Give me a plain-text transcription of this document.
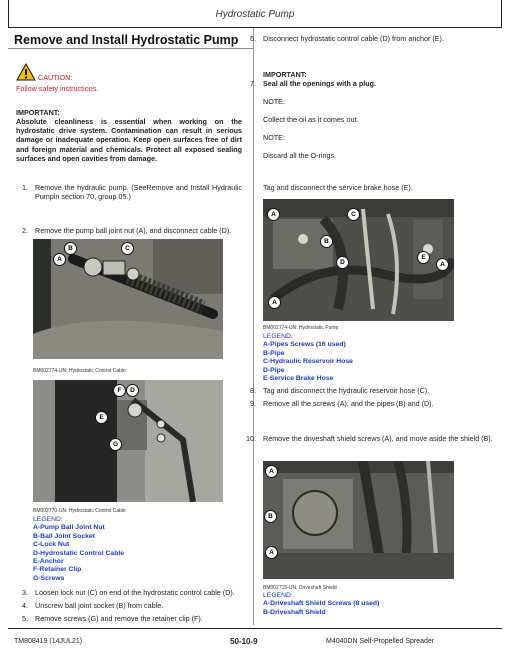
Hydrostatic Pump
Remove and Install Hydrostatic Pump
CAUTION:
Follow safety instructions.
IMPORTANT:
Absolute cleanliness is essential when working on the hydrostatic drive system. Contamination can result in serious damage or inadequate operation. Keep open surfaces free of dirt and foreign material and chemicals. Protect all exposed sealing surfaces and open cavities from damage.
1. Remove the hydraulic pump. (SeeRemove and Install Hydraulic Pumpin section 70, group 05.)
2. Remove the pump ball joint nut (A), and disconnect cable (D).
A
B	C
BM002774-UN: Hydrostatic Control Cable
F	D
E
G
BM002770-UN: Hydrostatic Control Cable
LEGEND:
A-Pump Ball Joint Nut
B-Ball Joint Socket
C-Lock Nut
D-Hydrostatic Control Cable
E-Anchor
F-Retainer Clip
G-Screws
3. Loosen lock nut (C) on end of the hydrostatic control cable (D).
4. Unscrew ball joint socket (B) from cable.
5. Remove screws (G) and remove the retainer clip (F).
6. Disconnect hydrostatic control cable (D) from anchor (E).
IMPORTANT:
7. Seal all the openings with a plug.
NOTE:
Collect the oil as it comes out.
NOTE:
Discard all the O-rings.
Tag and disconnect the service brake hose (E).
A
B
C
D
E
A
A
BM002774-UN: Hydrostatic Pump
LEGEND:
A-Pipes Screws (16 used)
B-Pipe
C-Hydraulic Reservoir Hose
D-Pipe
E-Service Brake Hose
8. Tag and disconnect the hydraulic reservoir hose (C).
9. Remove all the screws (A), and the pipes (B) and (D).
10. Remove the driveshaft shield screws (A), and move aside the shield (B).
A
B
A
BM002715-UN: Driveshaft Shield
LEGEND:
A-Driveshaft Shield Screws (8 used)
B-Driveshaft Shield
TM808419 (14JUL21)	50-10-9	M4040DN Self-Propelled Spreader
